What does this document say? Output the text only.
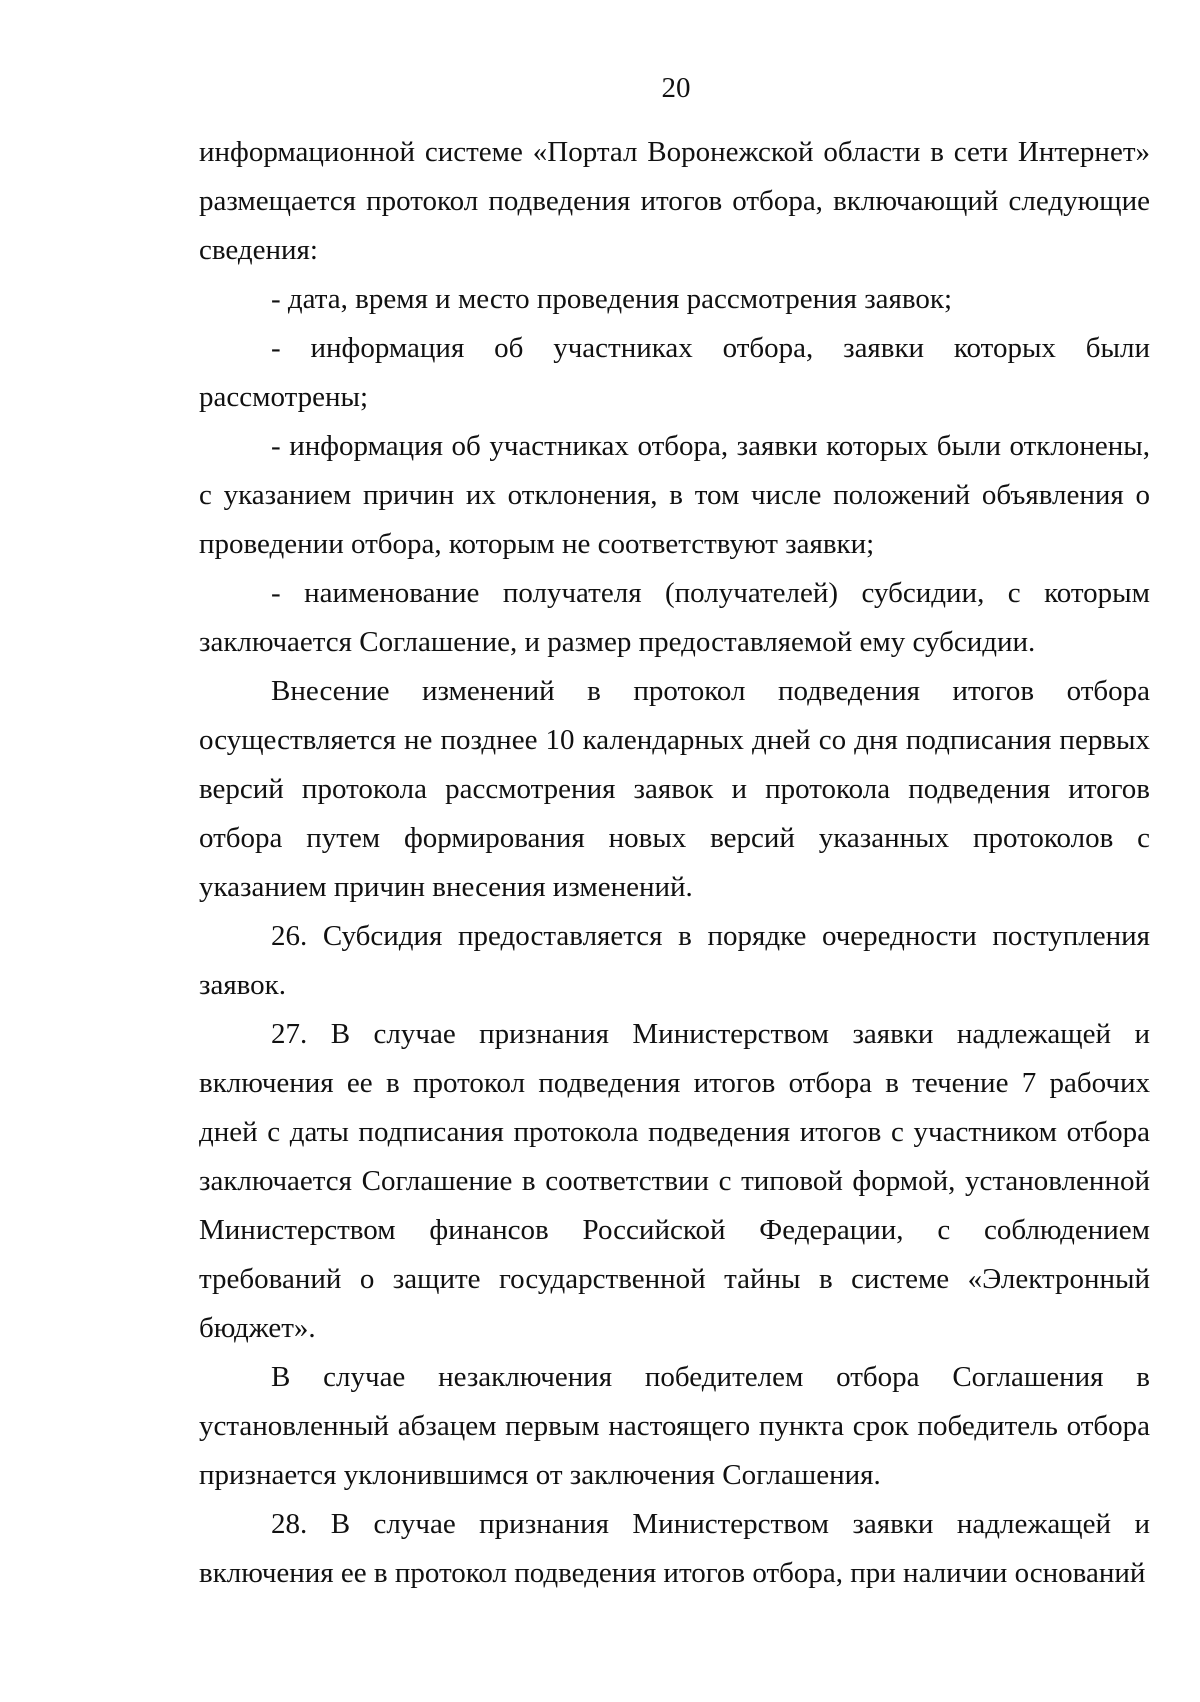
20

информационной системе «Портал Воронежской области в сети Интернет» размещается протокол подведения итогов отбора, включающий следующие сведения:

- дата, время и место проведения рассмотрения заявок;

- информация об участниках отбора, заявки которых были рассмотрены;

- информация об участниках отбора, заявки которых были отклонены, с указанием причин их отклонения, в том числе положений объявления о проведении отбора, которым не соответствуют заявки;

- наименование получателя (получателей) субсидии, с которым заключается Соглашение, и размер предоставляемой ему субсидии.

Внесение изменений в протокол подведения итогов отбора осуществляется не позднее 10 календарных дней со дня подписания первых версий протокола рассмотрения заявок и протокола подведения итогов отбора путем формирования новых версий указанных протоколов с указанием причин внесения изменений.

26. Субсидия предоставляется в порядке очередности поступления заявок.

27. В случае признания Министерством заявки надлежащей и включения ее в протокол подведения итогов отбора в течение 7 рабочих дней с даты подписания протокола подведения итогов с участником отбора заключается Соглашение в соответствии с типовой формой, установленной Министерством финансов Российской Федерации, с соблюдением требований о защите государственной тайны в системе «Электронный бюджет».

В случае незаключения победителем отбора Соглашения в установленный абзацем первым настоящего пункта срок победитель отбора признается уклонившимся от заключения Соглашения.

28. В случае признания Министерством заявки надлежащей и включения ее в протокол подведения итогов отбора, при наличии оснований
